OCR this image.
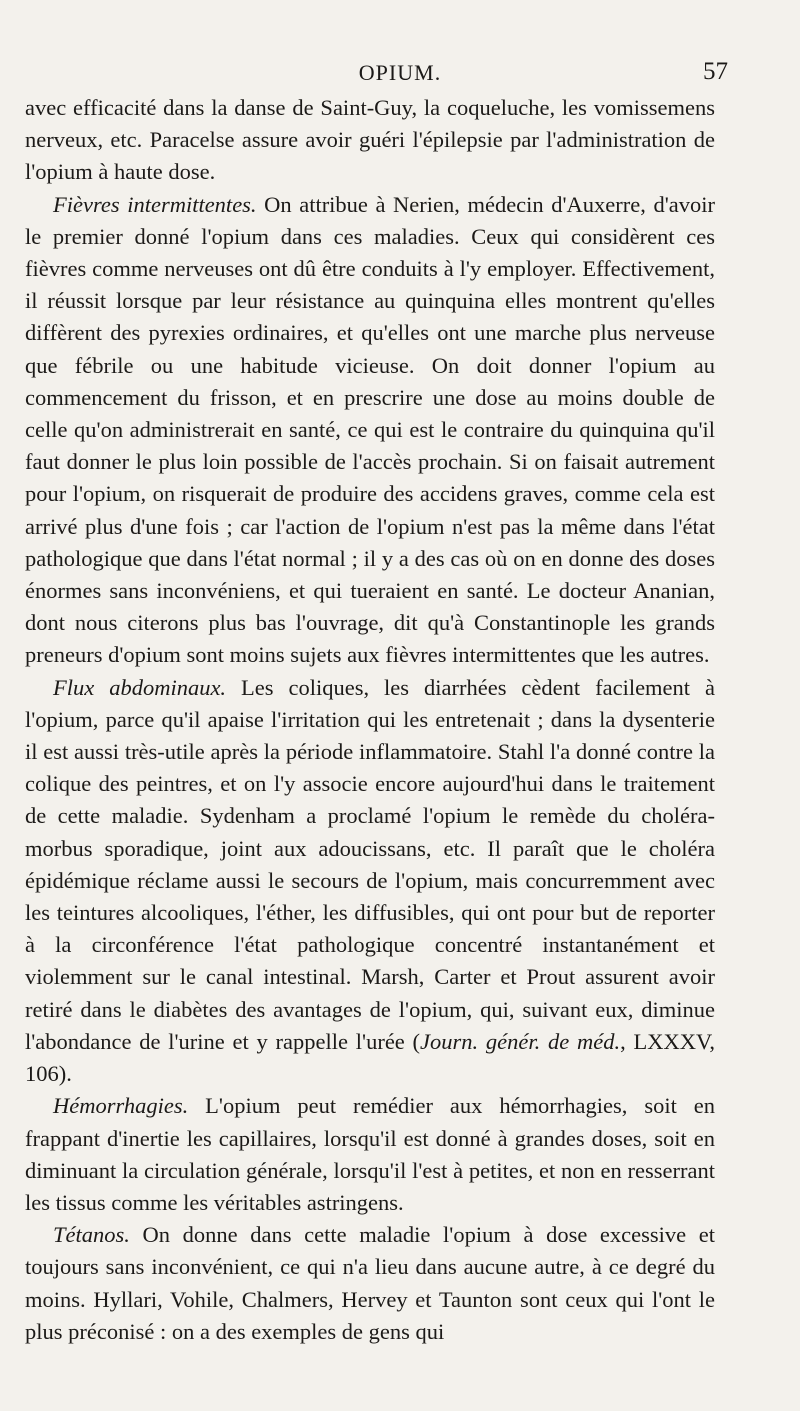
OPIUM.	57

avec efficacité dans la danse de Saint-Guy, la coqueluche, les vomissemens nerveux, etc. Paracelse assure avoir guéri l'épilepsie par l'administration de l'opium à haute dose.

Fièvres intermittentes. On attribue à Nerien, médecin d'Auxerre, d'avoir le premier donné l'opium dans ces maladies. Ceux qui considèrent ces fièvres comme nerveuses ont dû être conduits à l'y employer. Effectivement, il réussit lorsque par leur résistance au quinquina elles montrent qu'elles diffèrent des pyrexies ordinaires, et qu'elles ont une marche plus nerveuse que fébrile ou une habitude vicieuse. On doit donner l'opium au commencement du frisson, et en prescrire une dose au moins double de celle qu'on administrerait en santé, ce qui est le contraire du quinquina qu'il faut donner le plus loin possible de l'accès prochain. Si on faisait autrement pour l'opium, on risquerait de produire des accidens graves, comme cela est arrivé plus d'une fois ; car l'action de l'opium n'est pas la même dans l'état pathologique que dans l'état normal ; il y a des cas où on en donne des doses énormes sans inconvéniens, et qui tueraient en santé. Le docteur Ananian, dont nous citerons plus bas l'ouvrage, dit qu'à Constantinople les grands preneurs d'opium sont moins sujets aux fièvres intermittentes que les autres.

Flux abdominaux. Les coliques, les diarrhées cèdent facilement à l'opium, parce qu'il apaise l'irritation qui les entretenait ; dans la dysenterie il est aussi très-utile après la période inflammatoire. Stahl l'a donné contre la colique des peintres, et on l'y associe encore aujourd'hui dans le traitement de cette maladie. Sydenham a proclamé l'opium le remède du choléra-morbus sporadique, joint aux adoucissans, etc. Il paraît que le choléra épidémique réclame aussi le secours de l'opium, mais concurremment avec les teintures alcooliques, l'éther, les diffusibles, qui ont pour but de reporter à la circonférence l'état pathologique concentré instantanément et violemment sur le canal intestinal. Marsh, Carter et Prout assurent avoir retiré dans le diabètes des avantages de l'opium, qui, suivant eux, diminue l'abondance de l'urine et y rappelle l'urée (Journ. génér. de méd., LXXXV, 106).

Hémorrhagies. L'opium peut remédier aux hémorrhagies, soit en frappant d'inertie les capillaires, lorsqu'il est donné à grandes doses, soit en diminuant la circulation générale, lorsqu'il l'est à petites, et non en resserrant les tissus comme les véritables astringens.

Tétanos. On donne dans cette maladie l'opium à dose excessive et toujours sans inconvénient, ce qui n'a lieu dans aucune autre, à ce degré du moins. Hyllari, Vohile, Chalmers, Hervey et Taunton sont ceux qui l'ont le plus préconisé : on a des exemples de gens qui
